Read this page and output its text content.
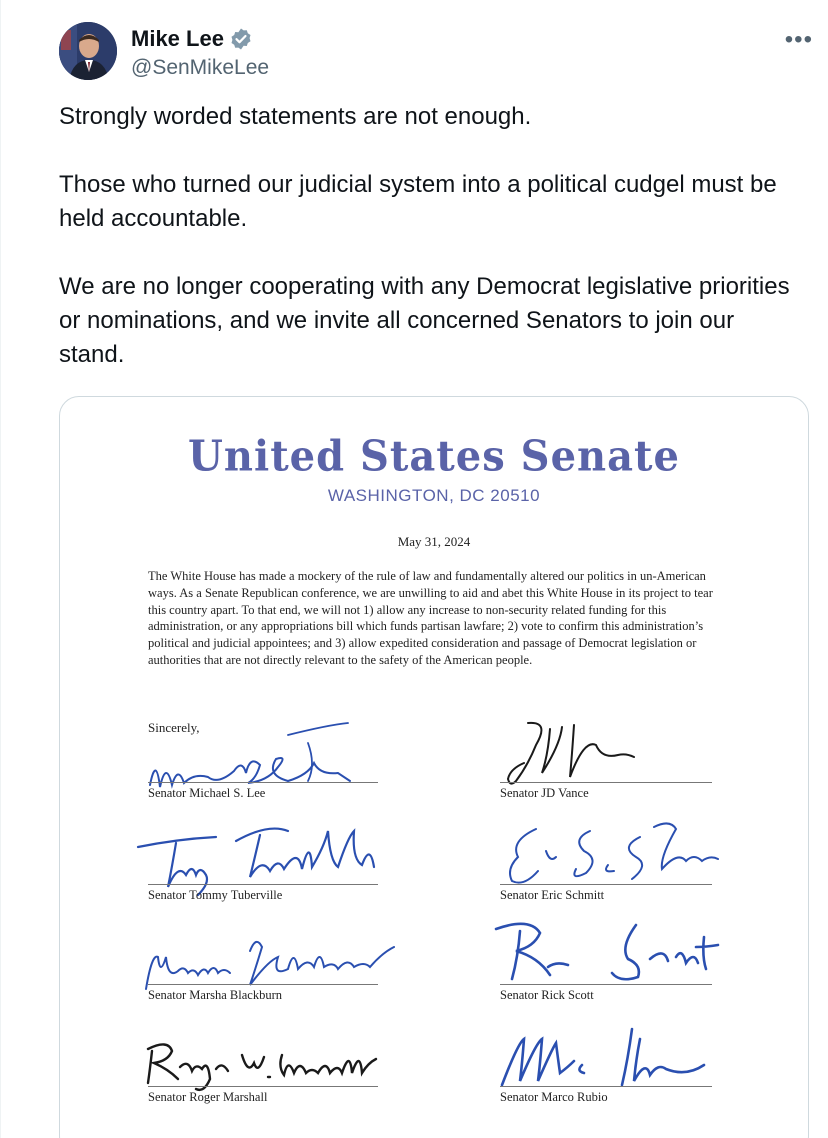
Mike Lee
@SenMikeLee
•••

Strongly worded statements are not enough.

Those who turned our judicial system into a political cudgel must be held accountable.

We are no longer cooperating with any Democrat legislative priorities or nominations, and we invite all concerned Senators to join our stand.

United States Senate
WASHINGTON, DC 20510
May 31, 2024
The White House has made a mockery of the rule of law and fundamentally altered our politics in un-American ways. As a Senate Republican conference, we are unwilling to aid and abet this White House in its project to tear this country apart. To that end, we will not 1) allow any increase to non-security related funding for this administration, or any appropriations bill which funds partisan lawfare; 2) vote to confirm this administration’s political and judicial appointees; and 3) allow expedited consideration and passage of Democrat legislation or authorities that are not directly relevant to the safety of the American people.
Sincerely,
Senator Michael S. Lee	Senator JD Vance
Senator Tommy Tuberville	Senator Eric Schmitt
Senator Marsha Blackburn	Senator Rick Scott
Senator Roger Marshall	Senator Marco Rubio
